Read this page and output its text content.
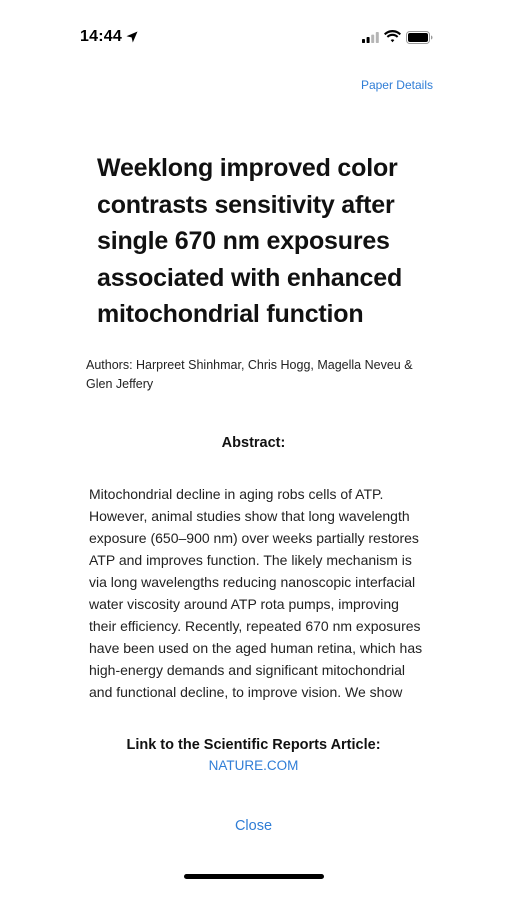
14:44
Paper Details
Weeklong improved color contrasts sensitivity after single 670 nm exposures associated with enhanced mitochondrial function
Authors: Harpreet Shinhmar, Chris Hogg, Magella Neveu & Glen Jeffery
Abstract:

Mitochondrial decline in aging robs cells of ATP. However, animal studies show that long wavelength exposure (650–900 nm) over weeks partially restores ATP and improves function. The likely mechanism is via long wavelengths reducing nanoscopic interfacial water viscosity around ATP rota pumps, improving their efficiency. Recently, repeated 670 nm exposures have been used on the aged human retina, which has high-energy demands and significant mitochondrial and functional decline, to improve vision. We show

Link to the Scientific Reports Article:
NATURE.COM
Close
